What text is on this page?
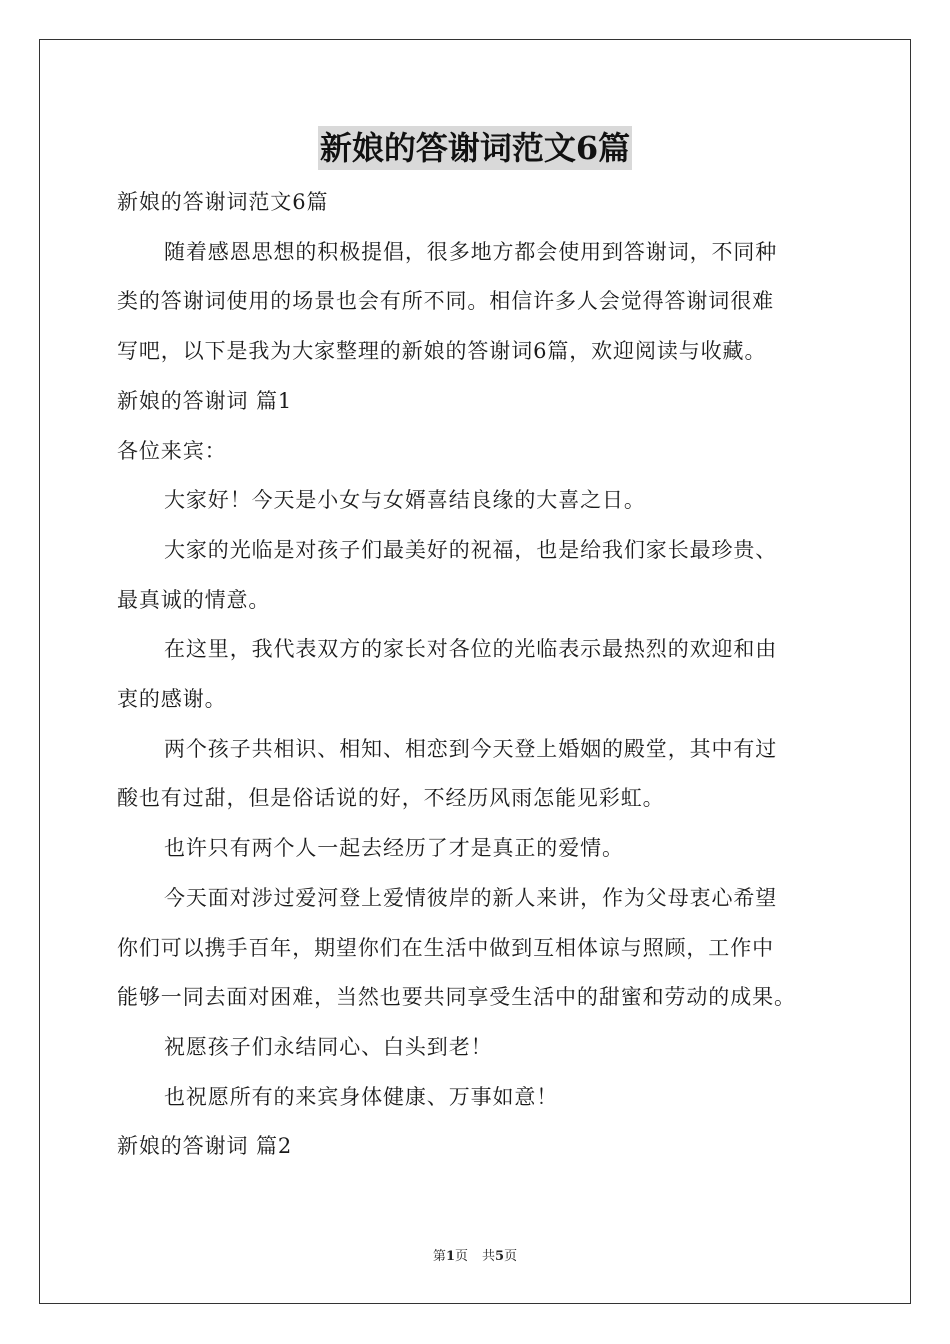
新娘的答谢词范文6篇

新娘的答谢词范文6篇

随着感恩思想的积极提倡，很多地方都会使用到答谢词，不同种

类的答谢词使用的场景也会有所不同。相信许多人会觉得答谢词很难

写吧，以下是我为大家整理的新娘的答谢词6篇，欢迎阅读与收藏。

新娘的答谢词 篇1

各位来宾：

大家好！今天是小女与女婿喜结良缘的大喜之日。

大家的光临是对孩子们最美好的祝福，也是给我们家长最珍贵、

最真诚的情意。

在这里，我代表双方的家长对各位的光临表示最热烈的欢迎和由

衷的感谢。

两个孩子共相识、相知、相恋到今天登上婚姻的殿堂，其中有过

酸也有过甜，但是俗话说的好，不经历风雨怎能见彩虹。

也许只有两个人一起去经历了才是真正的爱情。

今天面对涉过爱河登上爱情彼岸的新人来讲，作为父母衷心希望

你们可以携手百年，期望你们在生活中做到互相体谅与照顾，工作中

能够一同去面对困难，当然也要共同享受生活中的甜蜜和劳动的成果。

祝愿孩子们永结同心、白头到老！

也祝愿所有的来宾身体健康、万事如意！

新娘的答谢词 篇2

第1页 共5页
